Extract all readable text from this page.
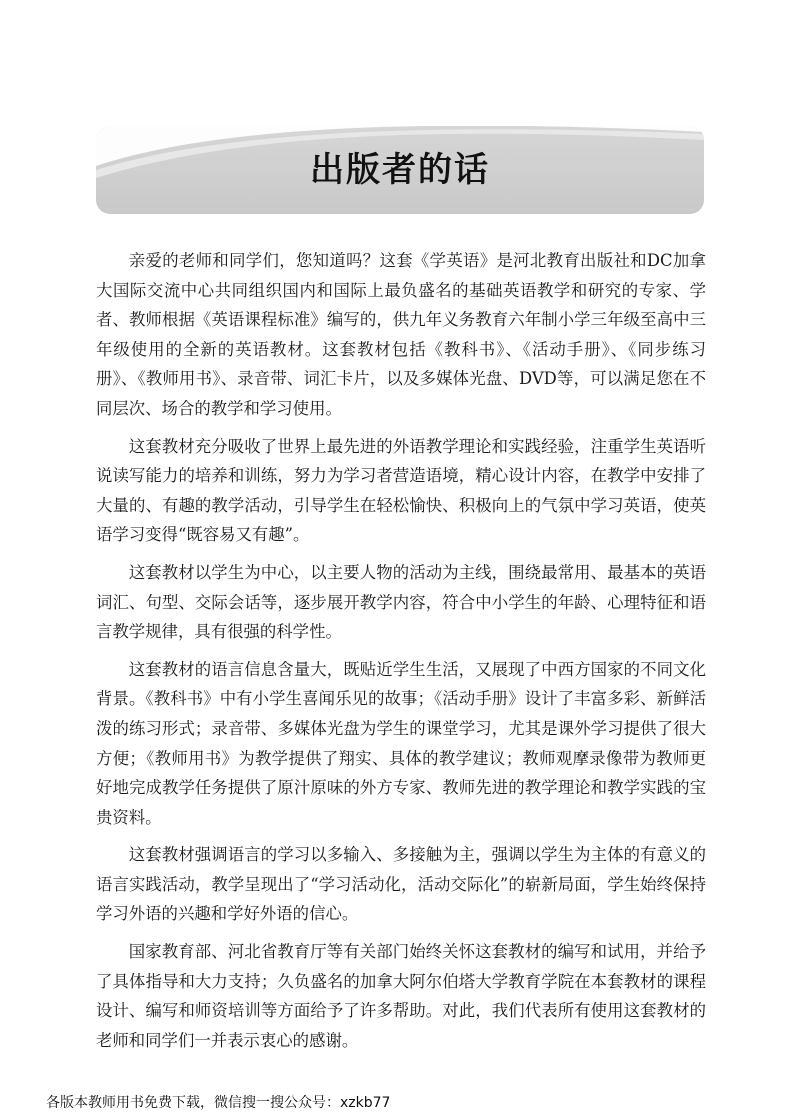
出版者的话

亲爱的老师和同学们，您知道吗？这套《学英语》是河北教育出版社和DC加拿大国际交流中心共同组织国内和国际上最负盛名的基础英语教学和研究的专家、学者、教师根据《英语课程标准》编写的，供九年义务教育六年制小学三年级至高中三年级使用的全新的英语教材。这套教材包括《教科书》、《活动手册》、《同步练习册》、《教师用书》、录音带、词汇卡片，以及多媒体光盘、DVD等，可以满足您在不同层次、场合的教学和学习使用。

这套教材充分吸收了世界上最先进的外语教学理论和实践经验，注重学生英语听说读写能力的培养和训练，努力为学习者营造语境，精心设计内容，在教学中安排了大量的、有趣的教学活动，引导学生在轻松愉快、积极向上的气氛中学习英语，使英语学习变得“既容易又有趣”。

这套教材以学生为中心，以主要人物的活动为主线，围绕最常用、最基本的英语词汇、句型、交际会话等，逐步展开教学内容，符合中小学生的年龄、心理特征和语言教学规律，具有很强的科学性。

这套教材的语言信息含量大，既贴近学生生活，又展现了中西方国家的不同文化背景。《教科书》中有小学生喜闻乐见的故事；《活动手册》设计了丰富多彩、新鲜活泼的练习形式；录音带、多媒体光盘为学生的课堂学习，尤其是课外学习提供了很大方便；《教师用书》为教学提供了翔实、具体的教学建议；教师观摩录像带为教师更好地完成教学任务提供了原汁原味的外方专家、教师先进的教学理论和教学实践的宝贵资料。

这套教材强调语言的学习以多输入、多接触为主，强调以学生为主体的有意义的语言实践活动，教学呈现出了“学习活动化，活动交际化”的崭新局面，学生始终保持学习外语的兴趣和学好外语的信心。

国家教育部、河北省教育厅等有关部门始终关怀这套教材的编写和试用，并给予了具体指导和大力支持；久负盛名的加拿大阿尔伯塔大学教育学院在本套教材的课程设计、编写和师资培训等方面给予了许多帮助。对此，我们代表所有使用这套教材的老师和同学们一并表示衷心的感谢。

各版本教师用书免费下载，微信搜一搜公众号：xzkb77
